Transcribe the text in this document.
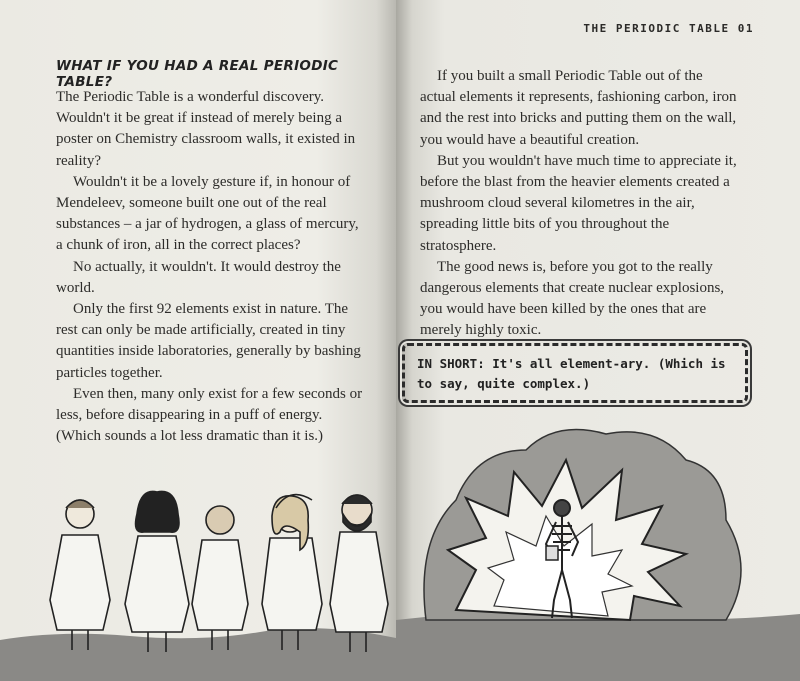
WHAT IF YOU HAD A REAL PERIODIC TABLE?

The Periodic Table is a wonderful discovery. Wouldn't it be great if instead of merely being a poster on Chemistry classroom walls, it existed in reality?

Wouldn't it be a lovely gesture if, in honour of Mendeleev, someone built one out of the real substances – a jar of hydrogen, a glass of mercury, a chunk of iron, all in the correct places?

No actually, it wouldn't. It would destroy the world.

Only the first 92 elements exist in nature. The rest can only be made artificially, created in tiny quantities inside laboratories, generally by bashing particles together.

Even then, many only exist for a few seconds or less, before disappearing in a puff of energy. (Which sounds a lot less dramatic than it is.)

THE PERIODIC TABLE 01

If you built a small Periodic Table out of the actual elements it represents, fashioning carbon, iron and the rest into bricks and putting them on the wall, you would have a beautiful creation.

But you wouldn't have much time to appreciate it, before the blast from the heavier elements created a mushroom cloud several kilometres in the air, spreading little bits of you throughout the stratosphere.

The good news is, before you got to the really dangerous elements that create nuclear explosions, you would have been killed by the ones that are merely highly toxic.

IN SHORT: It's all element-ary. (Which is to say, quite complex.)
